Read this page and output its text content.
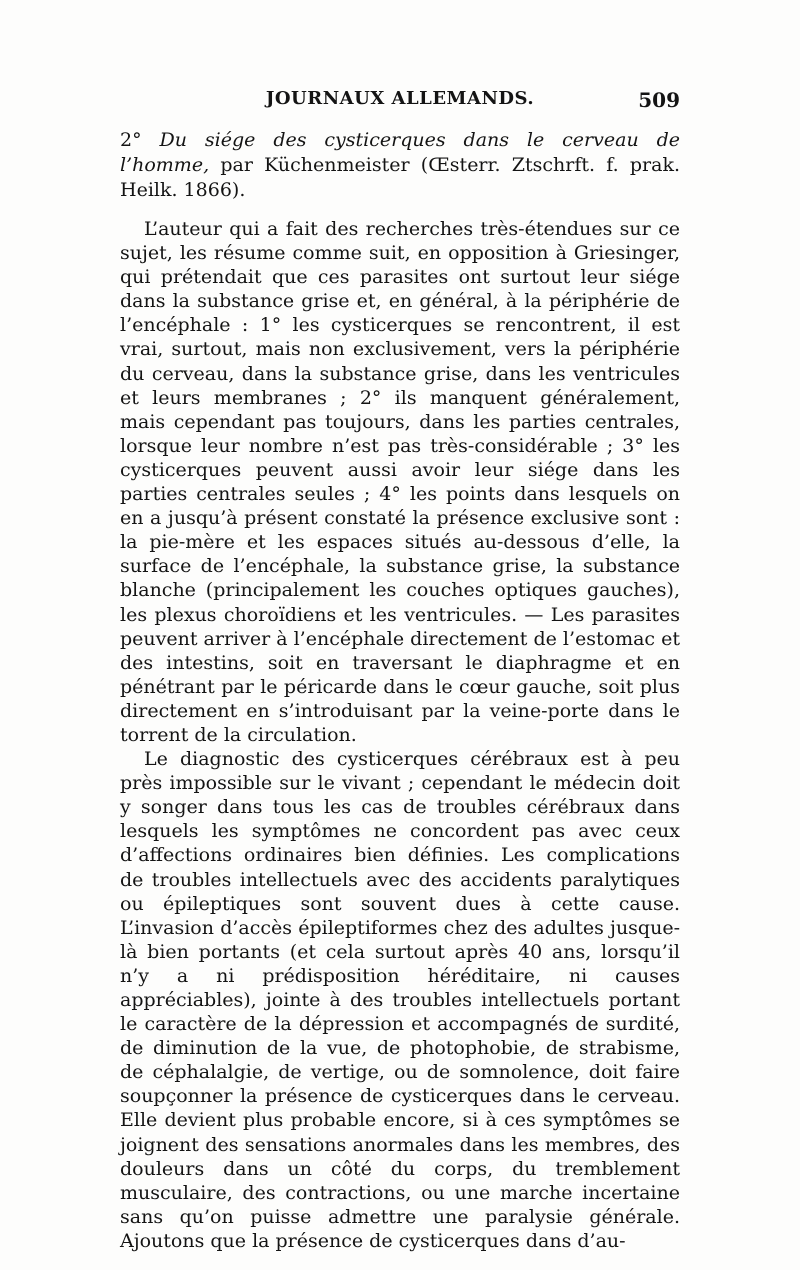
JOURNAUX ALLEMANDS.	509

2° Du siége des cysticerques dans le cerveau de l’homme, par Küchenmeister (Œsterr. Ztschrft. f. prak. Heilk. 1866).

L’auteur qui a fait des recherches très-étendues sur ce sujet, les résume comme suit, en opposition à Griesinger, qui prétendait que ces parasites ont surtout leur siége dans la substance grise et, en général, à la périphérie de l’encéphale : 1° les cysticerques se rencontrent, il est vrai, surtout, mais non exclusivement, vers la périphérie du cerveau, dans la substance grise, dans les ventricules et leurs membranes ; 2° ils manquent généralement, mais cependant pas toujours, dans les parties centrales, lorsque leur nombre n’est pas très-considérable ; 3° les cysticerques peuvent aussi avoir leur siége dans les parties centrales seules ; 4° les points dans lesquels on en a jusqu’à présent constaté la présence exclusive sont : la pie-mère et les espaces situés au-dessous d’elle, la surface de l’encéphale, la substance grise, la substance blanche (principalement les couches optiques gauches), les plexus choroïdiens et les ventricules. — Les parasites peuvent arriver à l’encéphale directement de l’estomac et des intestins, soit en traversant le diaphragme et en pénétrant par le péricarde dans le cœur gauche, soit plus directement en s’introduisant par la veine-porte dans le torrent de la circulation.

Le diagnostic des cysticerques cérébraux est à peu près impossible sur le vivant ; cependant le médecin doit y songer dans tous les cas de troubles cérébraux dans lesquels les symptômes ne concordent pas avec ceux d’affections ordinaires bien définies. Les complications de troubles intellectuels avec des accidents paralytiques ou épileptiques sont souvent dues à cette cause. L’invasion d’accès épileptiformes chez des adultes jusque-là bien portants (et cela surtout après 40 ans, lorsqu’il n’y a ni prédisposition héréditaire, ni causes appréciables), jointe à des troubles intellectuels portant le caractère de la dépression et accompagnés de surdité, de diminution de la vue, de photophobie, de strabisme, de céphalalgie, de vertige, ou de somnolence, doit faire soupçonner la présence de cysticerques dans le cerveau. Elle devient plus probable encore, si à ces symptômes se joignent des sensations anormales dans les membres, des douleurs dans un côté du corps, du tremblement musculaire, des contractions, ou une marche incertaine sans qu’on puisse admettre une paralysie générale. Ajoutons que la présence de cysticerques dans d’au-
